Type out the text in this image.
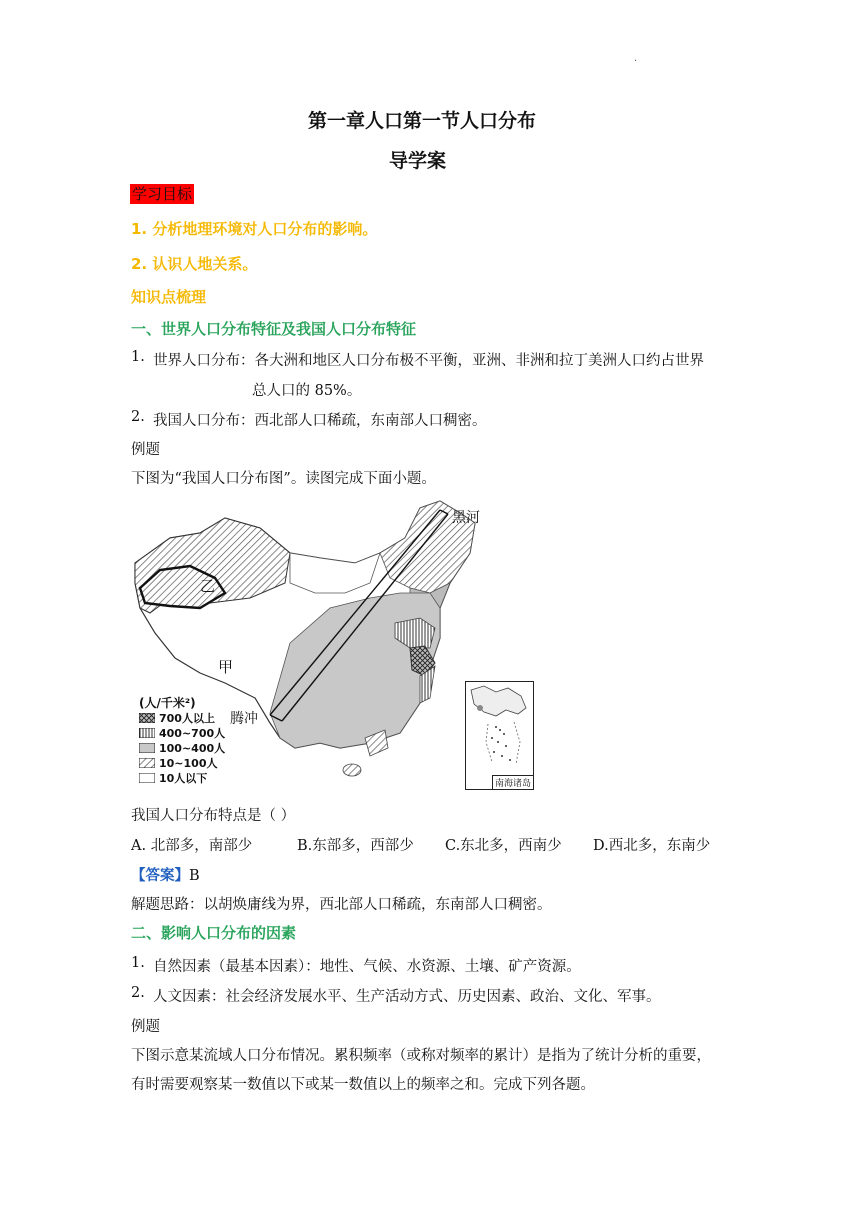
·
第一章人口第一节人口分布
导学案
学习目标
1. 分析地理环境对人口分布的影响。
2. 认识人地关系。
知识点梳理
一、世界人口分布特征及我国人口分布特征
1. 世界人口分布：各大洲和地区人口分布极不平衡，亚洲、非洲和拉丁美洲人口约占世界
总人口的 85%。
2. 我国人口分布：西北部人口稀疏，东南部人口稠密。
例题
下图为“我国人口分布图”。读图完成下面小题。
黑河
腾冲
甲
乙
(人/千米²)
700人以上
400~700人
100~400人
10~100人
10人以下	南海诸岛
我国人口分布特点是（ ）
A. 北部多，南部少	B.东部多，西部少 C.东北多，西南少 D.西北多，东南少
【答案】B
解题思路：以胡焕庸线为界，西北部人口稀疏，东南部人口稠密。
二、影响人口分布的因素
1. 自然因素（最基本因素）：地性、气候、水资源、土壤、矿产资源。
2. 人文因素：社会经济发展水平、生产活动方式、历史因素、政治、文化、军事。
例题
下图示意某流域人口分布情况。累积频率（或称对频率的累计）是指为了统计分析的重要，
有时需要观察某一数值以下或某一数值以上的频率之和。完成下列各题。
